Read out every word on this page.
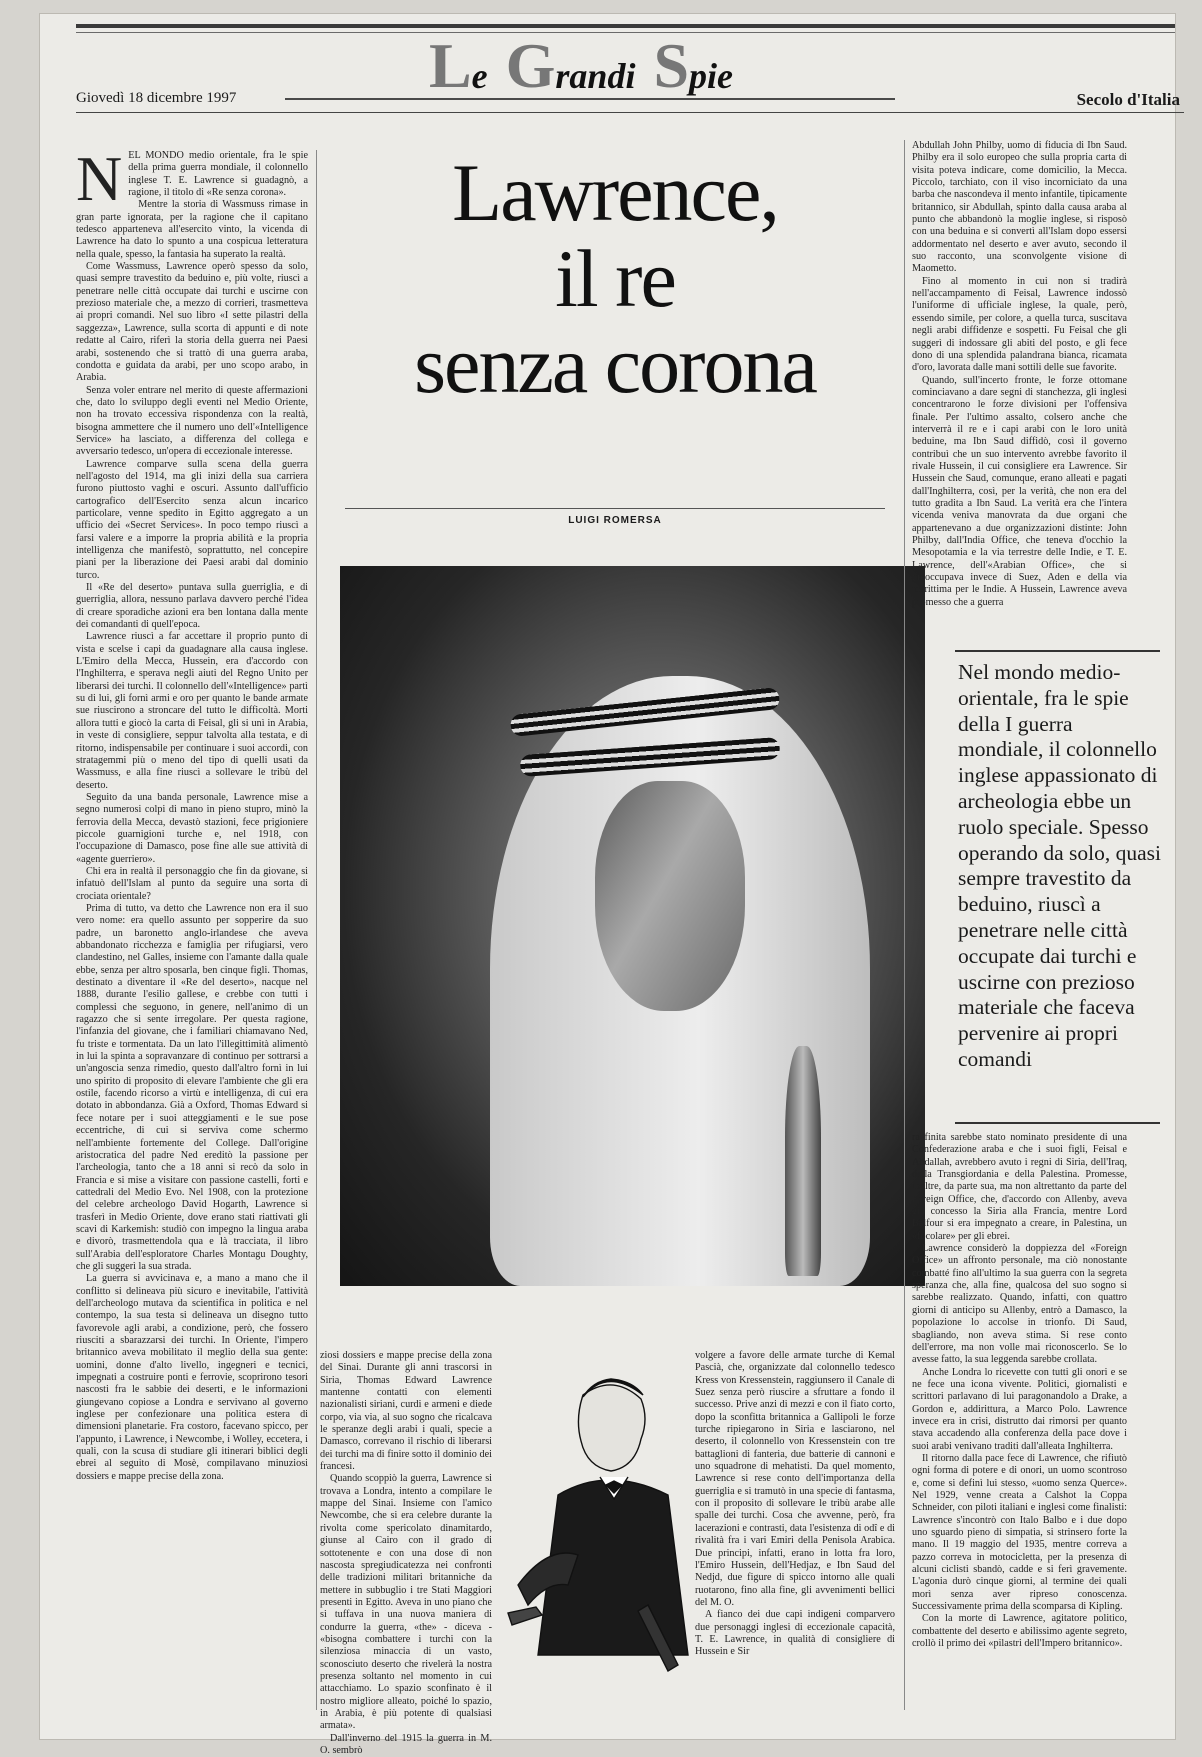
L e G randi S pie
Giovedì 18 dicembre 1997	Secolo d'Italia
N EL MONDO medio orientale, fra le spie della prima guerra mondiale, il colonnello inglese T. E. Lawrence si guadagnò, a ragione, il titolo di «Re senza corona».

Mentre la storia di Wassmuss rimase in gran parte ignorata, per la ragione che il capitano tedesco apparteneva all'esercito vinto, la vicenda di Lawrence ha dato lo spunto a una cospicua letteratura nella quale, spesso, la fantasia ha superato la realtà.

Come Wassmuss, Lawrence operò spesso da solo, quasi sempre travestito da beduino e, più volte, riuscì a penetrare nelle città occupate dai turchi e uscirne con prezioso materiale che, a mezzo di corrieri, trasmetteva ai propri comandi. Nel suo libro «I sette pilastri della saggezza», Lawrence, sulla scorta di appunti e di note redatte al Cairo, riferì la storia della guerra nei Paesi arabi, sostenendo che si trattò di una guerra araba, condotta e guidata da arabi, per uno scopo arabo, in Arabia.

Senza voler entrare nel merito di queste affermazioni che, dato lo sviluppo degli eventi nel Medio Oriente, non ha trovato eccessiva rispondenza con la realtà, bisogna ammettere che il numero uno dell'«Intelligence Service» ha lasciato, a differenza del collega e avversario tedesco, un'opera di eccezionale interesse.

Lawrence comparve sulla scena della guerra nell'agosto del 1914, ma gli inizi della sua carriera furono piuttosto vaghi e oscuri. Assunto dall'ufficio cartografico dell'Esercito senza alcun incarico particolare, venne spedito in Egitto aggregato a un ufficio dei «Secret Services». In poco tempo riuscì a farsi valere e a imporre la propria abilità e la propria intelligenza che manifestò, soprattutto, nel concepire piani per la liberazione dei Paesi arabi dal dominio turco.

Il «Re del deserto» puntava sulla guerriglia, e di guerriglia, allora, nessuno parlava davvero perché l'idea di creare sporadiche azioni era ben lontana dalla mente dei comandanti di quell'epoca.

Lawrence riuscì a far accettare il proprio punto di vista e scelse i capi da guadagnare alla causa inglese. L'Emiro della Mecca, Hussein, era d'accordo con l'Inghilterra, e speravа negli aiuti del Regno Unito per liberarsi dei turchi. Il colonnello dell'«Intelligence» partì su di lui, gli fornì armi e oro per quanto le bande armate sue riuscirono a stroncare del tutto le difficoltà. Morti allora tutti e giocò la carta di Feisal, gli si unì in Arabia, in veste di consigliere, seppur talvolta alla testata, e di ritorno, indispensabile per continuare i suoi accordi, con stratagemmi più o meno del tipo di quelli usati da Wassmuss, e alla fine riuscì a sollevare le tribù del deserto.

Seguito da una banda personale, Lawrence mise a segno numerosi colpi di mano in pieno stupro, minò la ferrovia della Mecca, devastò stazioni, fece prigioniere piccole guarnigioni turche e, nel 1918, con l'occupazione di Damasco, pose fine alle sue attività di «agente guerriero».

Chi era in realtà il personaggio che fin da giovane, si infatuò dell'Islam al punto da seguire una sorta di crociata orientale?

Prima di tutto, va detto che Lawrence non era il suo vero nome: era quello assunto per sopperire da suo padre, un baronetto anglo-irlandese che aveva abbandonato ricchezza e famiglia per rifugiarsi, vero clandestino, nel Galles, insieme con l'amante dalla quale ebbe, senza per altro sposarla, ben cinque figli. Thomas, destinato a diventare il «Re del deserto», nacque nel 1888, durante l'esilio gallese, e crebbe con tutti i complessi che seguono, in genere, nell'animo di un ragazzo che si sente irregolare. Per questa ragione, l'infanzia del giovane, che i familiari chiamavano Ned, fu triste e tormentata. Da un lato l'illegittimità alimentò in lui la spinta a sopravanzare di continuo per sottrarsi a un'angoscia senza rimedio, questo dall'altro fornì in lui uno spirito di proposito di elevare l'ambiente che gli era ostile, facendo ricorso a virtù e intelligenza, di cui era dotato in abbondanza. Già a Oxford, Thomas Edward si fece notare per i suoi atteggiamenti e le sue pose eccentriche, di cui si serviva come schermo nell'ambiente fortemente del College. Dall'origine aristocratica del padre Ned ereditò la passione per l'archeologia, tanto che a 18 anni si recò da solo in Francia e si mise a visitare con passione castelli, forti e cattedrali del Medio Evo. Nel 1908, con la protezione del celebre archeologo David Hogarth, Lawrence si trasferì in Medio Oriente, dove erano stati riattivati gli scavi di Karkemish: studiò con impegno la lingua araba e divorò, trasmettendola qua e là tracciata, il libro sull'Arabia dell'esploratore Charles Montagu Doughty, che gli suggerì la sua strada.

La guerra si avvicinava e, a mano a mano che il conflitto si delineava più sicuro e inevitabile, l'attività dell'archeologo mutava da scientifica in politica e nel contempo, la sua testa si delineava un disegno tutto favorevole agli arabi, a condizione, però, che fossero riusciti a sbarazzarsi dei turchi. In Oriente, l'impero britannico aveva mobilitato il meglio della sua gente: uomini, donne d'alto livello, ingegneri e tecnici, impegnati a costruire ponti e ferrovie, scoprirono tesori nascosti fra le sabbie dei deserti, e le informazioni giungevano copiose a Londra e servivano al governo inglese per confezionare una politica estera di dimensioni planetarie. Fra costoro, facevano spicco, per l'appunto, i Lawrence, i Newcombe, i Wolley, eccetera, i quali, con la scusa di studiare gli itinerari biblici degli ebrei al seguito di Mosè, compilavano minuziosi dossiers e mappe precise della zona.

Lawrence,
il re
senza corona
LUIGI ROMERSA

Abdullah John Philby, uomo di fiducia di Ibn Saud. Philby era il solo europeo che sulla propria carta di visita poteva indicare, come domicilio, la Mecca. Piccolo, tarchiato, con il viso incorniciato da una barba che nascondeva il mento infantile, tipicamente britannico, sir Abdullah, spinto dalla causa araba al punto che abbandonò la moglie inglese, si risposò con una beduina e si convertì all'Islam dopo essersi addormentato nel deserto e aver avuto, secondo il suo racconto, una sconvolgente visione di Maometto.

Fino al momento in cui non si tradirà nell'accampamento di Feisal, Lawrence indossò l'uniforme di ufficiale inglese, la quale, però, essendo simile, per colore, a quella turca, suscitava negli arabi diffidenze e sospetti. Fu Feisal che gli suggerì di indossare gli abiti del posto, e gli fece dono di una splendida palandrana bianca, ricamata d'oro, lavorata dalle mani sottili delle sue favorite.

Quando, sull'incerto fronte, le forze ottomane cominciavano a dare segni di stanchezza, gli inglesi concentrarono le forze divisioni per l'offensiva finale. Per l'ultimo assalto, colsero anche che interverrà il re e i capi arabi con le loro unità beduine, ma Ibn Saud diffidò, così il governo contribuì che un suo intervento avrebbe favorito il rivale Hussein, il cui consigliere era Lawrence. Sir Hussein che Saud, comunque, erano alleati e pagati dall'Inghilterra, così, per la verità, che non era del tutto gradita a Ibn Saud. La verità era che l'intera vicenda veniva manovrata da due organi che appartenevano a due organizzazioni distinte: John Philby, dall'India Office, che teneva d'occhio la Mesopotamia e la via terrestre delle Indie, e T. E. Lawrence, dell'«Arabian Office», che si preoccupava invece di Suez, Aden e della via marittima per le Indie. A Hussein, Lawrence aveva promesso che a guerra

Nel mondo medio-orientale, fra le spie della I guerra mondiale, il colonnello inglese appassionato di archeologia ebbe un ruolo speciale. Spesso operando da solo, quasi sempre travestito da beduino, riuscì a penetrare nelle città occupate dai turchi e uscirne con prezioso materiale che faceva pervenire ai propri comandi

ra finita sarebbe stato nominato presidente di una Confederazione araba e che i suoi figli, Feisal e Abdallah, avrebbero avuto i regni di Siria, dell'Iraq, della Transgiordania e della Palestina. Promesse, inoltre, da parte sua, ma non altrettanto da parte del Foreign Office, che, d'accordo con Allenby, aveva già concesso la Siria alla Francia, mentre Lord Balfour si era impegnato a creare, in Palestina, un «focolare» per gli ebrei.

Lawrence considerò la doppiezza del «Foreign Office» un affronto personale, ma ciò nonostante combatté fino all'ultimo la sua guerra con la segreta speranza che, alla fine, qualcosa del suo sogno si sarebbe realizzato. Quando, infatti, con quattro giorni di anticipo su Allenby, entrò a Damasco, la popolazione lo accolse in trionfo. Di Saud, sbagliando, non aveva stima. Si rese conto dell'errore, ma non volle mai riconoscerlo. Se lo avesse fatto, la sua leggenda sarebbe crollata.

Anche Londra lo ricevette con tutti gli onori e se ne fece una icona vivente. Politici, giornalisti e scrittori parlavano di lui paragonandolo a Drake, a Gordon e, addirittura, a Marco Polo. Lawrence invece era in crisi, distrutto dai rimorsi per quanto stava accadendo alla conferenza della pace dove i suoi arabi venivano traditi dall'alleata Inghilterra.

Il ritorno dalla pace fece di Lawrence, che rifiutò ogni forma di potere e di onori, un uomo scontroso e, come si definì lui stesso, «uomo senza Querce». Nel 1929, venne creata a Calshot la Coppa Schneider, con piloti italiani e inglesi come finalisti: Lawrence s'incontrò con Italo Balbo e i due dopo uno sguardo pieno di simpatia, si strinsero forte la mano. Il 19 maggio del 1935, mentre correva a pazzo correva in motocicletta, per la presenza di alcuni ciclisti sbandò, cadde e si ferì gravemente. L'agonia durò cinque giorni, al termine dei quali morì senza aver ripreso conoscenza. Successivamente prima della scomparsa di Kipling.

Con la morte di Lawrence, agitatore politico, combattente del deserto e abilissimo agente segreto, crollò il primo dei «pilastri dell'Impero britannico».

ziosi dossiers e mappe precise della zona del Sinai. Durante gli anni trascorsi in Siria, Thomas Edward Lawrence mantenne contatti con elementi nazionalisti siriani, curdi e armeni e diede corpo, via via, al suo sogno che ricalcava le speranze degli arabi i quali, specie a Damasco, correvano il rischio di liberarsi dei turchi ma di finire sotto il dominio dei francesi.

Quando scoppiò la guerra, Lawrence si trovava a Londra, intento a compilare le mappe del Sinai. Insieme con l'amico Newcombe, che si era celebre durante la rivolta come spericolato dinamitardo, giunse al Cairo con il grado di sottotenente e con una dose di non nascosta spregiudicatezza nei confronti delle tradizioni militari britanniche da mettere in subbuglio i tre Stati Maggiori presenti in Egitto. Aveva in uno piano che si tuffava in una nuova maniera di condurre la guerra, «the» - diceva - «bisogna combattere i turchi con la silenziosa minaccia di un vasto, sconosciuto deserto che rivelerà la nostra presenza soltanto nel momento in cui attacchiamo. Lo spazio sconfinato è il nostro migliore alleato, poiché lo spazio, in Arabia, è più potente di qualsiasi armata».

Dall'inverno del 1915 la guerra in M. O. sembrò

volgere a favore delle armate turche di Kemal Pascià, che, organizzate dal colonnello tedesco Kress von Kressenstein, raggiunsero il Canale di Suez senza però riuscire a sfruttare a fondo il successo. Prive anzi di mezzi e con il fiato corto, dopo la sconfitta britannica a Gallipoli le forze turche ripiegarono in Siria e lasciarono, nel deserto, il colonnello von Kressenstein con tre battaglioni di fanteria, due batterie di cannoni e uno squadrone di mehatisti. Da quel momento, Lawrence si rese conto dell'importanza della guerriglia e si tramutò in una specie di fantasma, con il proposito di sollevare le tribù arabe alle spalle dei turchi. Cosa che avvenne, però, fra lacerazioni e contrasti, data l'esistenza di odî e di rivalità fra i vari Emiri della Penisola Arabica. Due principi, infatti, erano in lotta fra loro, l'Emiro Hussein, dell'Hedjaz, e Ibn Saud del Nedjd, due figure di spicco intorno alle quali ruotarono, fino alla fine, gli avvenimenti bellici del M. O.

A fianco dei due capi indigeni comparvero due personaggi inglesi di eccezionale capacità, T. E. Lawrence, in qualità di consigliere di Hussein e Sir
